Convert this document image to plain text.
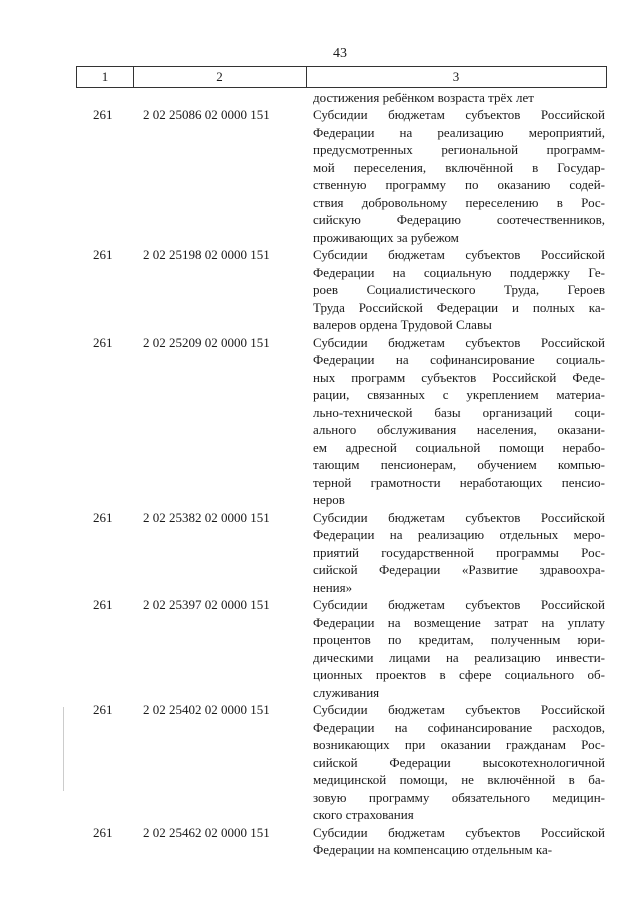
43
1	2	3
достижения ребёнком возраста трёх лет
261	2 02 25086 02 0000 151	Субсидии бюджетам субъектов Российской
Федерации на реализацию мероприятий,
предусмотренных региональной программ-
мой переселения, включённой в Государ-
ственную программу по оказанию содей-
ствия добровольному переселению в Рос-
сийскую Федерацию соотечественников,
проживающих за рубежом
261	2 02 25198 02 0000 151	Субсидии бюджетам субъектов Российской
Федерации на социальную поддержку Ге-
роев Социалистического Труда, Героев
Труда Российской Федерации и полных ка-
валеров ордена Трудовой Славы
261	2 02 25209 02 0000 151	Субсидии бюджетам субъектов Российской
Федерации на софинансирование социаль-
ных программ субъектов Российской Феде-
рации, связанных с укреплением материа-
льно-технической базы организаций соци-
ального обслуживания населения, оказани-
ем адресной социальной помощи нерабо-
тающим пенсионерам, обучением компью-
терной грамотности неработающих пенсио-
неров
261	2 02 25382 02 0000 151	Субсидии бюджетам субъектов Российской
Федерации на реализацию отдельных меро-
приятий государственной программы Рос-
сийской Федерации «Развитие здравоохра-
нения»
261	2 02 25397 02 0000 151	Субсидии бюджетам субъектов Российской
Федерации на возмещение затрат на уплату
процентов по кредитам, полученным юри-
дическими лицами на реализацию инвести-
ционных проектов в сфере социального об-
служивания
261	2 02 25402 02 0000 151	Субсидии бюджетам субъектов Российской
Федерации на софинансирование расходов,
возникающих при оказании гражданам Рос-
сийской Федерации высокотехнологичной
медицинской помощи, не включённой в ба-
зовую программу обязательного медицин-
ского страхования
261	2 02 25462 02 0000 151	Субсидии бюджетам субъектов Российской
Федерации на компенсацию отдельным ка-
